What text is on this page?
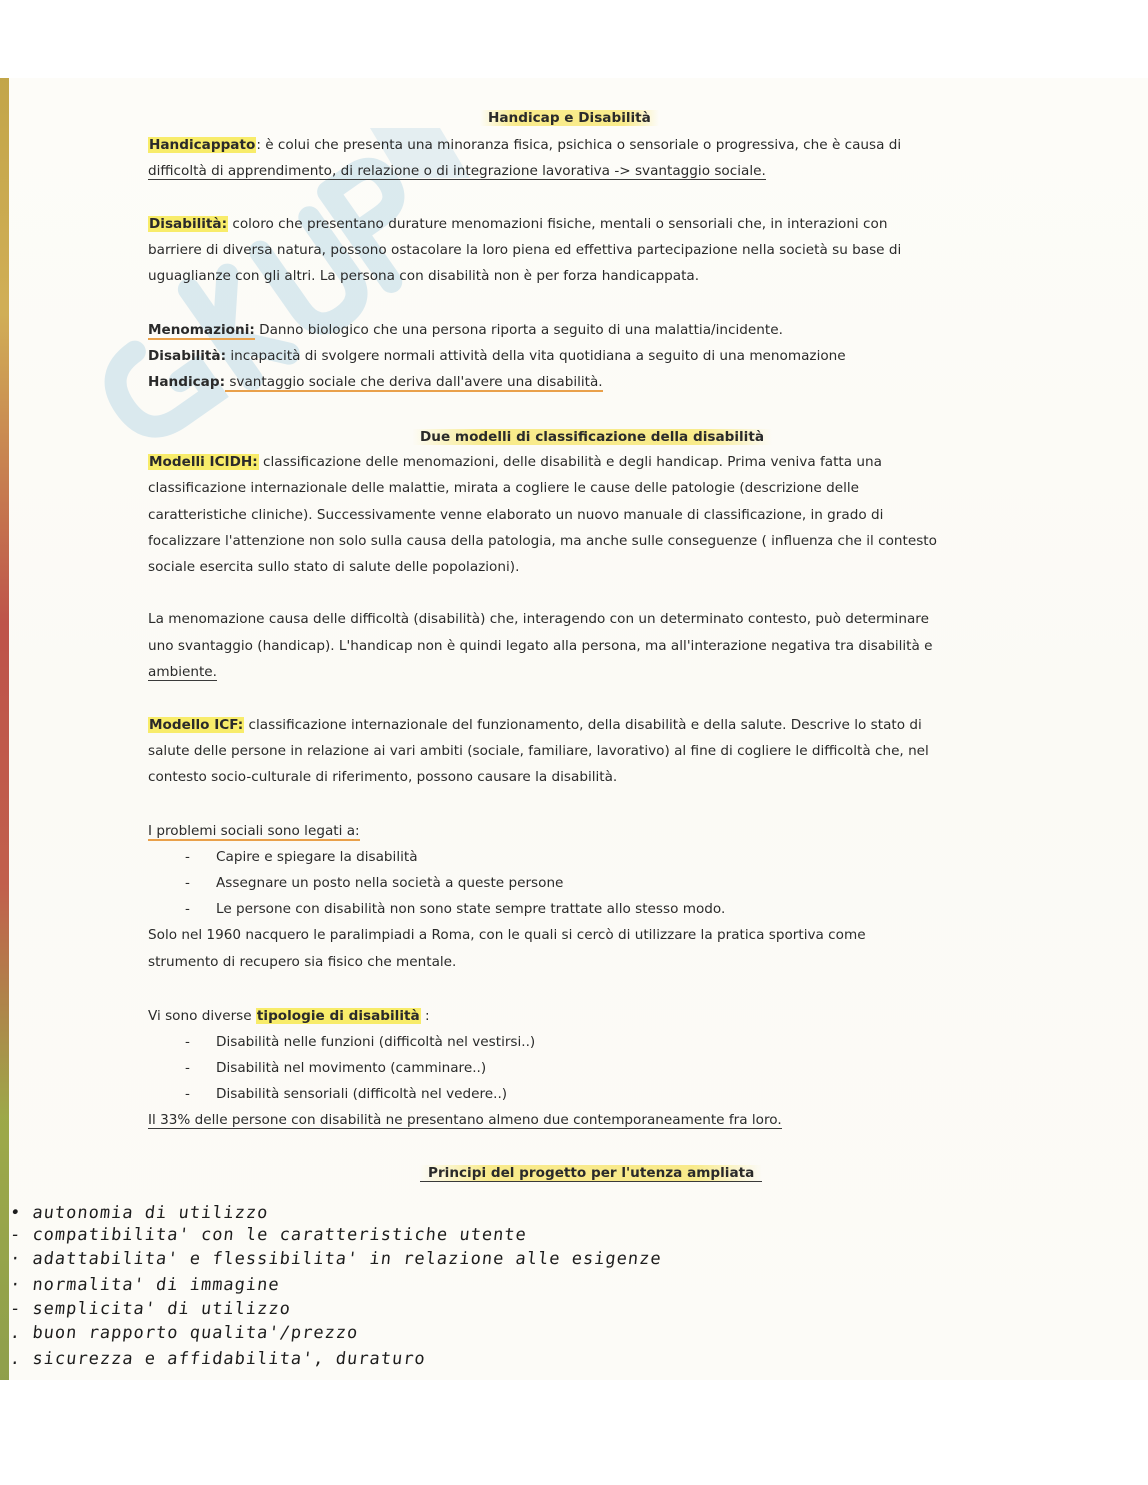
Handicap e Disabilità

Handicappato: è colui che presenta una minoranza fisica, psichica o sensoriale o progressiva, che è causa di

difficoltà di apprendimento, di relazione o di integrazione lavorativa -> svantaggio sociale.

Disabilità: coloro che presentano durature menomazioni fisiche, mentali o sensoriali che, in interazioni con

barriere di diversa natura, possono ostacolare la loro piena ed effettiva partecipazione nella società su base di

uguaglianze con gli altri. La persona con disabilità non è per forza handicappata.

Menomazioni: Danno biologico che una persona riporta a seguito di una malattia/incidente.

Disabilità: incapacità di svolgere normali attività della vita quotidiana a seguito di una menomazione

Handicap: svantaggio sociale che deriva dall'avere una disabilità.

Due modelli di classificazione della disabilità

Modelli ICIDH: classificazione delle menomazioni, delle disabilità e degli handicap. Prima veniva fatta una

classificazione internazionale delle malattie, mirata a cogliere le cause delle patologie (descrizione delle

caratteristiche cliniche). Successivamente venne elaborato un nuovo manuale di classificazione, in grado di

focalizzare l'attenzione non solo sulla causa della patologia, ma anche sulle conseguenze ( influenza che il contesto

sociale esercita sullo stato di salute delle popolazioni).

La menomazione causa delle difficoltà (disabilità) che, interagendo con un determinato contesto, può determinare

uno svantaggio (handicap). L'handicap non è quindi legato alla persona, ma all'interazione negativa tra disabilità e

ambiente.

Modello ICF: classificazione internazionale del funzionamento, della disabilità e della salute. Descrive lo stato di

salute delle persone in relazione ai vari ambiti (sociale, familiare, lavorativo) al fine di cogliere le difficoltà che, nel

contesto socio-culturale di riferimento, possono causare la disabilità.

I problemi sociali sono legati a:

- Capire e spiegare la disabilità

- Assegnare un posto nella società a queste persone

- Le persone con disabilità non sono state sempre trattate allo stesso modo.

Solo nel 1960 nacquero le paralimpiadi a Roma, con le quali si cercò di utilizzare la pratica sportiva come

strumento di recupero sia fisico che mentale.

Vi sono diverse tipologie di disabilità :

- Disabilità nelle funzioni (difficoltà nel vestirsi..)

- Disabilità nel movimento (camminare..)

- Disabilità sensoriali (difficoltà nel vedere..)

Il 33% delle persone con disabilità ne presentano almeno due contemporaneamente fra loro.

Principi del progetto per l'utenza ampliata

• autonomia di utilizzo

- compatibilita' con le caratteristiche utente

· adattabilita' e flessibilita' in relazione alle esigenze

· normalita' di immagine

- semplicita' di utilizzo

. buon rapporto qualita'/prezzo

. sicurezza e affidabilita', duraturo
